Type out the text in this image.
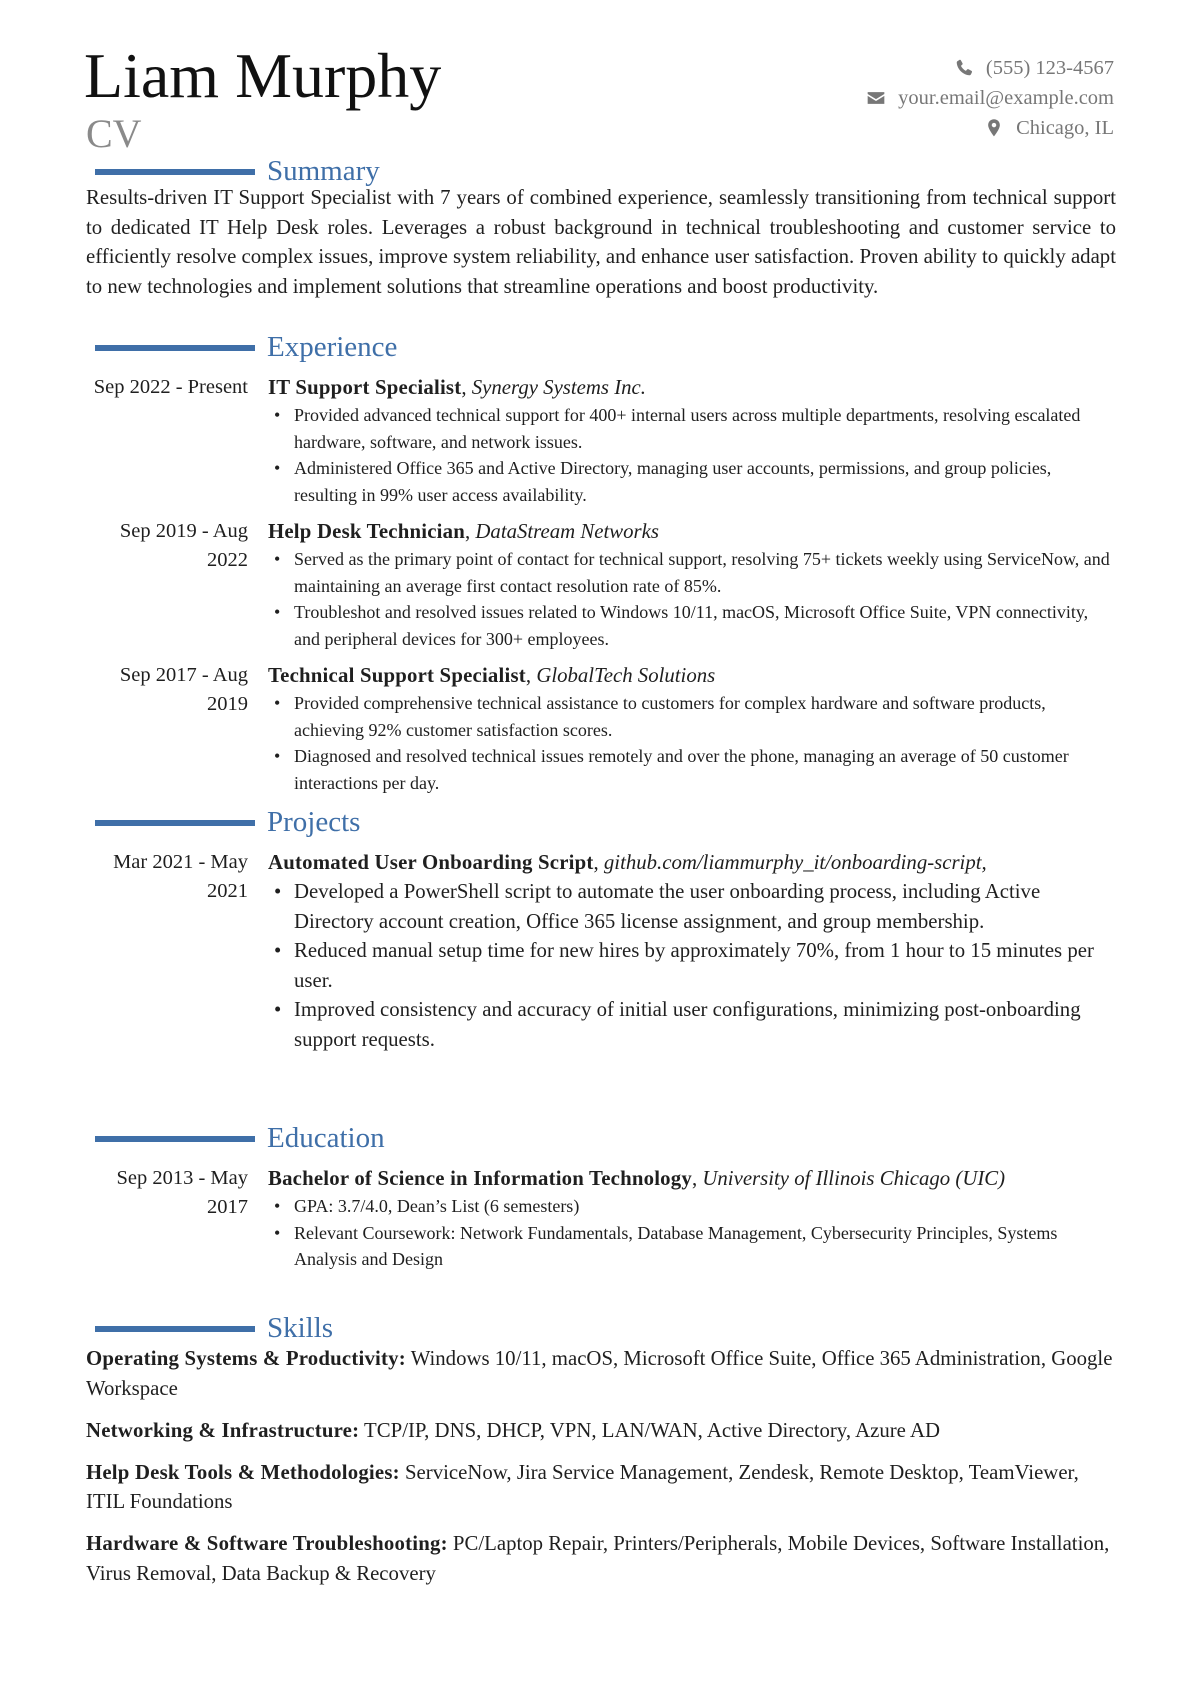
Liam Murphy
CV
(555) 123-4567
your.email@example.com
Chicago, IL
Summary

Results-driven IT Support Specialist with 7 years of combined experience, seamlessly transitioning from technical support to dedicated IT Help Desk roles. Leverages a robust background in technical troubleshooting and customer service to efficiently resolve complex issues, improve system reliability, and enhance user satisfaction. Proven ability to quickly adapt to new technologies and implement solutions that streamline operations and boost productivity.

Experience
Sep 2022 - Present IT Support Specialist, Synergy Systems Inc.
• Provided advanced technical support for 400+ internal users across multiple departments, resolving escalated hardware, software, and network issues.
• Administered Office 365 and Active Directory, managing user accounts, permissions, and group policies, resulting in 99% user access availability.
Sep 2019 - Aug 2022
Help Desk Technician, DataStream Networks
• Served as the primary point of contact for technical support, resolving 75+ tickets weekly using ServiceNow, and maintaining an average first contact resolution rate of 85%.
• Troubleshot and resolved issues related to Windows 10/11, macOS, Microsoft Office Suite, VPN connectivity, and peripheral devices for 300+ employees.
Sep 2017 - Aug 2019
Technical Support Specialist, GlobalTech Solutions
• Provided comprehensive technical assistance to customers for complex hardware and software products, achieving 92% customer satisfaction scores.
• Diagnosed and resolved technical issues remotely and over the phone, managing an average of 50 customer interactions per day.
Projects
Mar 2021 - May 2021
Automated User Onboarding Script, github.com/liammurphy_it/onboarding-script,
• Developed a PowerShell script to automate the user onboarding process, including Active Directory account creation, Office 365 license assignment, and group membership.
• Reduced manual setup time for new hires by approximately 70%, from 1 hour to 15 minutes per user.
• Improved consistency and accuracy of initial user configurations, minimizing post-onboarding support requests.
Education
Sep 2013 - May 2017
Bachelor of Science in Information Technology, University of Illinois Chicago (UIC)
• GPA: 3.7/4.0, Dean’s List (6 semesters)
• Relevant Coursework: Network Fundamentals, Database Management, Cybersecurity Principles, Systems Analysis and Design
Skills

Operating Systems & Productivity: Windows 10/11, macOS, Microsoft Office Suite, Office 365 Administration, Google Workspace

Networking & Infrastructure: TCP/IP, DNS, DHCP, VPN, LAN/WAN, Active Directory, Azure AD

Help Desk Tools & Methodologies: ServiceNow, Jira Service Management, Zendesk, Remote Desktop, TeamViewer, ITIL Foundations

Hardware & Software Troubleshooting: PC/Laptop Repair, Printers/Peripherals, Mobile Devices, Software Installation, Virus Removal, Data Backup & Recovery
